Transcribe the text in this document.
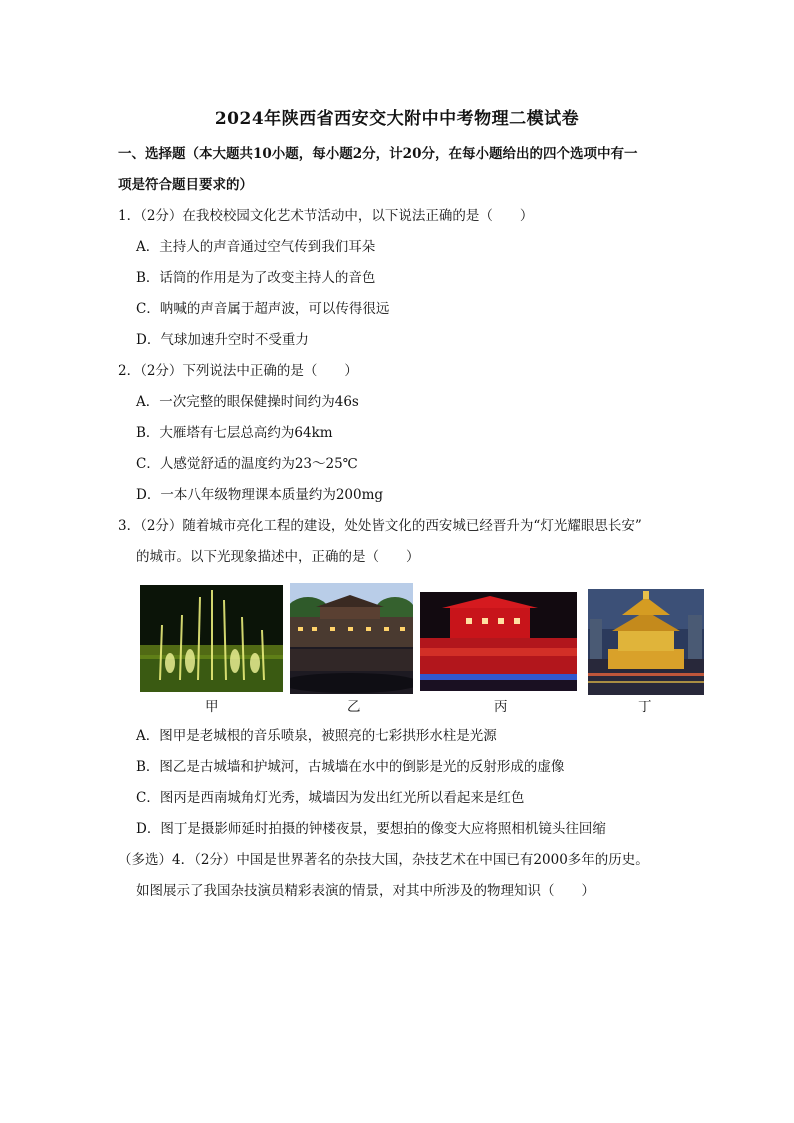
2024年陕西省西安交大附中中考物理二模试卷
一、选择题（本大题共10小题，每小题2分，计20分，在每小题给出的四个选项中有一
项是符合题目要求的）
1．（2分）在我校校园文化艺术节活动中，以下说法正确的是（　　）
A．主持人的声音通过空气传到我们耳朵
B．话筒的作用是为了改变主持人的音色
C．呐喊的声音属于超声波，可以传得很远
D．气球加速升空时不受重力
2．（2分）下列说法中正确的是（　　）
A．一次完整的眼保健操时间约为46s
B．大雁塔有七层总高约为64km
C．人感觉舒适的温度约为23～25℃
D．一本八年级物理课本质量约为200mg
3．（2分）随着城市亮化工程的建设，处处皆文化的西安城已经晋升为“灯光耀眼思长安”
的城市。以下光现象描述中，正确的是（　　）
甲	乙	丙	丁
A．图甲是老城根的音乐喷泉，被照亮的七彩拱形水柱是光源
B．图乙是古城墙和护城河，古城墙在水中的倒影是光的反射形成的虚像
C．图丙是西南城角灯光秀，城墙因为发出红光所以看起来是红色
D．图丁是摄影师延时拍摄的钟楼夜景，要想拍的像变大应将照相机镜头往回缩
（多选）4．（2分）中国是世界著名的杂技大国，杂技艺术在中国已有2000多年的历史。
如图展示了我国杂技演员精彩表演的情景，对其中所涉及的物理知识（　　）
